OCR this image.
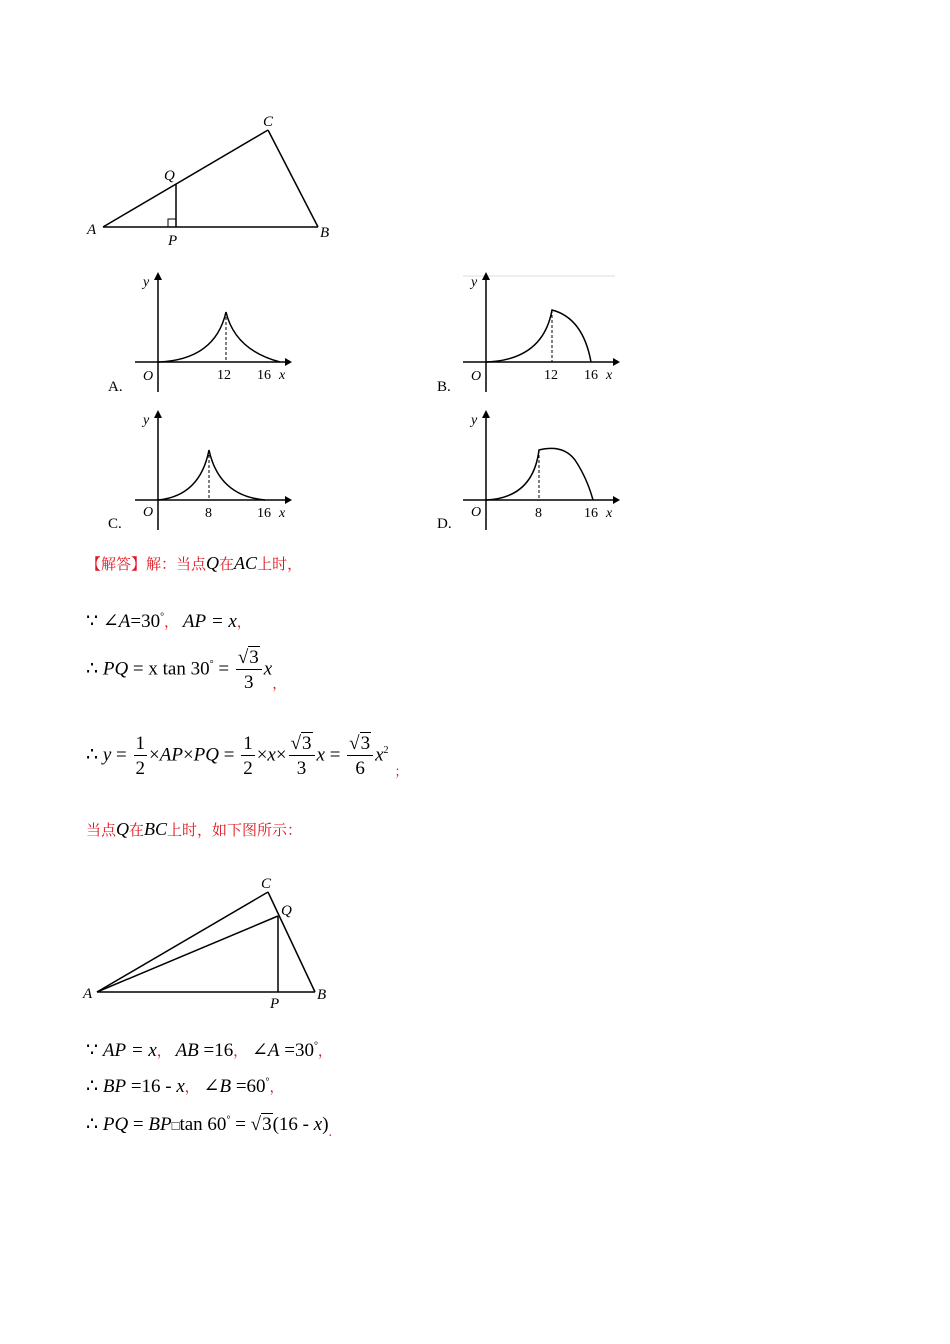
A	B
C
P
Q
A.
y
O	12 16 x
B.
y
O	12 16 x
C.
y
O	8	16 x
D.
y
O	8	16 x
【解答】解：当点Q在AC上时，
∵ ∠A=30°， AP = x，
∴ PQ = x $\tan 30^\circ = \frac{√3}{3} x_,$
∴ $y = \frac{1}{2} \times AP\times PQ = \frac{1}{2} \times x\times \frac{√3}{3}$ $x = \frac{√3}{6} x^2_;$
当点Q在BC上时，如下图所示：
A	B
C
P
Q
∵ AP = x， AB =16， ∠A =30°，
∴ BP =16 - x， ∠B =60°，
∴ PQ = BP□tan $60^\circ = √3(16 - x)_.$
